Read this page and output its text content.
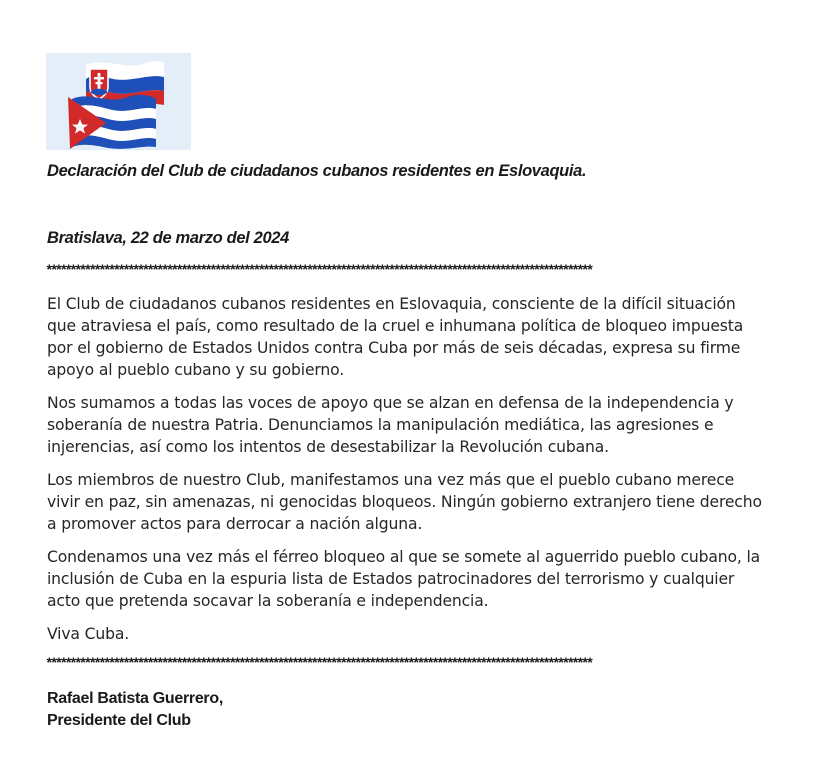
Declaración del Club de ciudadanos cubanos residentes en Eslovaquia.
Bratislava, 22 de marzo del 2024
*****************************************************************************************************************

El Club de ciudadanos cubanos residentes en Eslovaquia, consciente de la difícil situación que atraviesa el país, como resultado de la cruel e inhumana política de bloqueo impuesta por el gobierno de Estados Unidos contra Cuba por más de seis décadas, expresa su firme apoyo al pueblo cubano y su gobierno.

Nos sumamos a todas las voces de apoyo que se alzan en defensa de la independencia y soberanía de nuestra Patria. Denunciamos la manipulación mediática, las agresiones e injerencias, así como los intentos de desestabilizar la Revolución cubana.

Los miembros de nuestro Club, manifestamos una vez más que el pueblo cubano merece vivir en paz, sin amenazas, ni genocidas bloqueos. Ningún gobierno extranjero tiene derecho a promover actos para derrocar a nación alguna.

Condenamos una vez más el férreo bloqueo al que se somete al aguerrido pueblo cubano, la inclusión de Cuba en la espuria lista de Estados patrocinadores del terrorismo y cualquier acto que pretenda socavar la soberanía e independencia.

Viva Cuba.

*****************************************************************************************************************
Rafael Batista Guerrero,
Presidente del Club
